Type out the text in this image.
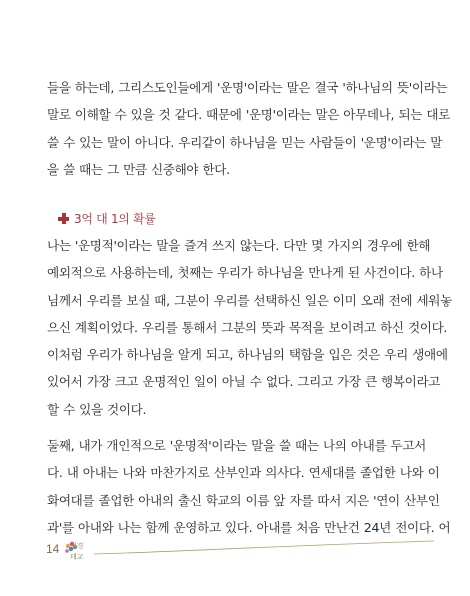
들을 하는데, 그리스도인들에게 '운명'이라는 말은 결국 '하나님의 뜻'이라는
말로 이해할 수 있을 것 같다. 때문에 '운명'이라는 말은 아무데나, 되는 대로
쓸 수 있는 말이 아니다. 우리같이 하나님을 믿는 사람들이 '운명'이라는 말
을 쓸 때는 그 만큼 신중해야 한다.
3억 대 1의 확률
나는 '운명적'이라는 말을 즐겨 쓰지 않는다. 다만 몇 가지의 경우에 한해
예외적으로 사용하는데, 첫째는 우리가 하나님을 만나게 된 사건이다. 하나
님께서 우리를 보실 때, 그분이 우리를 선택하신 일은 이미 오래 전에 세워놓
으신 계획이었다. 우리를 통해서 그분의 뜻과 목적을 보이려고 하신 것이다.
이처럼 우리가 하나님을 알게 되고, 하나님의 택함을 입은 것은 우리 생애에
있어서 가장 크고 운명적인 일이 아닐 수 없다. 그리고 가장 큰 행복이라고
할 수 있을 것이다.
둘째, 내가 개인적으로 '운명적'이라는 말을 쓸 때는 나의 아내를 두고서
다. 내 아내는 나와 마찬가지로 산부인과 의사다. 연세대를 졸업한 나와 이
화여대를 졸업한 아내의 출신 학교의 이름 앞 자를 따서 지은 '연이 산부인
과'를 아내와 나는 함께 운영하고 있다. 아내를 처음 만난건 24년 전이다. 어
14 성경
태교
